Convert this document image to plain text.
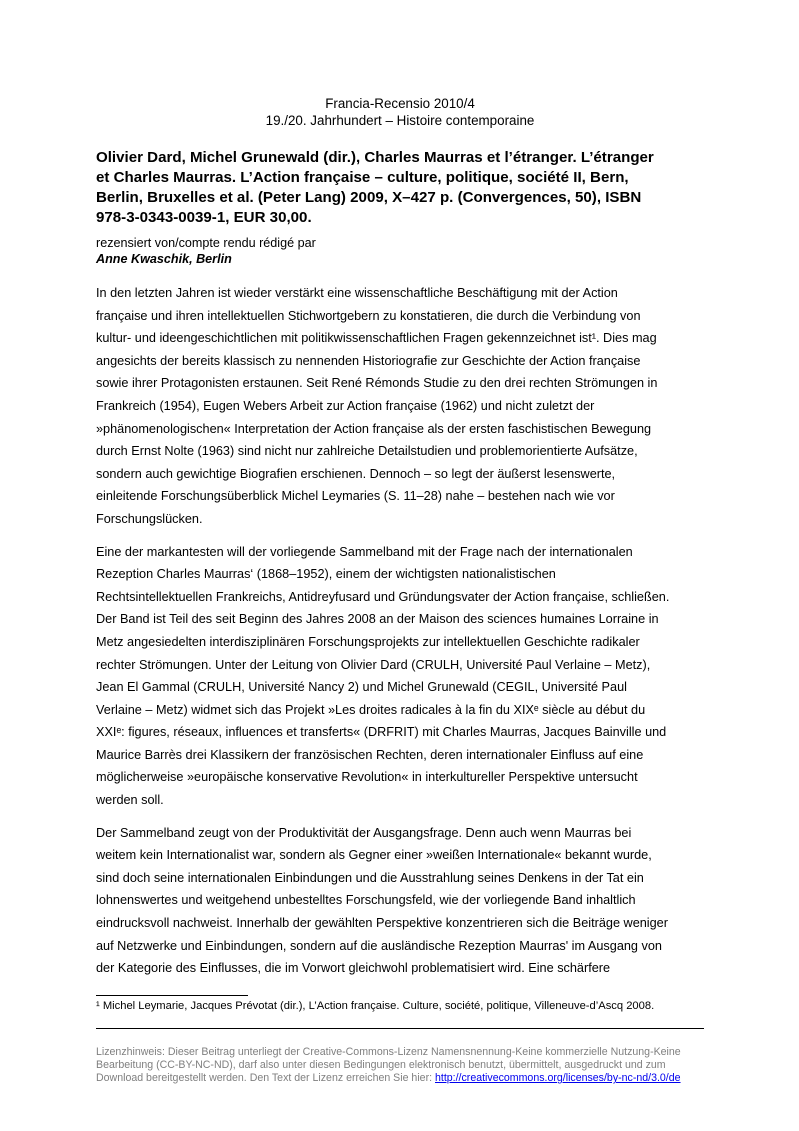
Francia-Recensio 2010/4
19./20. Jahrhundert – Histoire contemporaine
Olivier Dard, Michel Grunewald (dir.), Charles Maurras et l’étranger. L’étranger
et Charles Maurras. L’Action française – culture, politique, société II, Bern,
Berlin, Bruxelles et al. (Peter Lang) 2009, X–427 p. (Convergences, 50), ISBN
978-3-0343-0039-1, EUR 30,00.
rezensiert von/compte rendu rédigé par
Anne Kwaschik, Berlin

In den letzten Jahren ist wieder verstärkt eine wissenschaftliche Beschäftigung mit der Action
française und ihren intellektuellen Stichwortgebern zu konstatieren, die durch die Verbindung von
kultur- und ideengeschichtlichen mit politikwissenschaftlichen Fragen gekennzeichnet ist¹. Dies mag
angesichts der bereits klassisch zu nennenden Historiografie zur Geschichte der Action française
sowie ihrer Protagonisten erstaunen. Seit René Rémonds Studie zu den drei rechten Strömungen in
Frankreich (1954), Eugen Webers Arbeit zur Action française (1962) und nicht zuletzt der
»phänomenologischen« Interpretation der Action française als der ersten faschistischen Bewegung
durch Ernst Nolte (1963) sind nicht nur zahlreiche Detailstudien und problemorientierte Aufsätze,
sondern auch gewichtige Biografien erschienen. Dennoch – so legt der äußerst lesenswerte,
einleitende Forschungsüberblick Michel Leymaries (S. 11–28) nahe – bestehen nach wie vor
Forschungslücken.

Eine der markantesten will der vorliegende Sammelband mit der Frage nach der internationalen
Rezeption Charles Maurras‘ (1868–1952), einem der wichtigsten nationalistischen
Rechtsintellektuellen Frankreichs, Antidreyfusard und Gründungsvater der Action française, schließen.
Der Band ist Teil des seit Beginn des Jahres 2008 an der Maison des sciences humaines Lorraine in
Metz angesiedelten interdisziplinären Forschungsprojekts zur intellektuellen Geschichte radikaler
rechter Strömungen. Unter der Leitung von Olivier Dard (CRULH, Université Paul Verlaine – Metz),
Jean El Gammal (CRULH, Université Nancy 2) und Michel Grunewald (CEGIL, Université Paul
Verlaine – Metz) widmet sich das Projekt »Les droites radicales à la fin du XIXᵉ siècle au début du
XXIᵉ: figures, réseaux, influences et transferts« (DRFRIT) mit Charles Maurras, Jacques Bainville und
Maurice Barrès drei Klassikern der französischen Rechten, deren internationaler Einfluss auf eine
möglicherweise »europäische konservative Revolution« in interkultureller Perspektive untersucht
werden soll.

Der Sammelband zeugt von der Produktivität der Ausgangsfrage. Denn auch wenn Maurras bei
weitem kein Internationalist war, sondern als Gegner einer »weißen Internationale« bekannt wurde,
sind doch seine internationalen Einbindungen und die Ausstrahlung seines Denkens in der Tat ein
lohnenswertes und weitgehend unbestelltes Forschungsfeld, wie der vorliegende Band inhaltlich
eindrucksvoll nachweist. Innerhalb der gewählten Perspektive konzentrieren sich die Beiträge weniger
auf Netzwerke und Einbindungen, sondern auf die ausländische Rezeption Maurras' im Ausgang von
der Kategorie des Einflusses, die im Vorwort gleichwohl problematisiert wird. Eine schärfere

¹ Michel Leymarie, Jacques Prévotat (dir.), L’Action française. Culture, société, politique, Villeneuve-d’Ascq 2008.
Lizenzhinweis: Dieser Beitrag unterliegt der Creative-Commons-Lizenz Namensnennung-Keine kommerzielle Nutzung-Keine
Bearbeitung (CC-BY-NC-ND), darf also unter diesen Bedingungen elektronisch benutzt, übermittelt, ausgedruckt und zum
Download bereitgestellt werden. Den Text der Lizenz erreichen Sie hier: http://creativecommons.org/licenses/by-nc-nd/3.0/de
